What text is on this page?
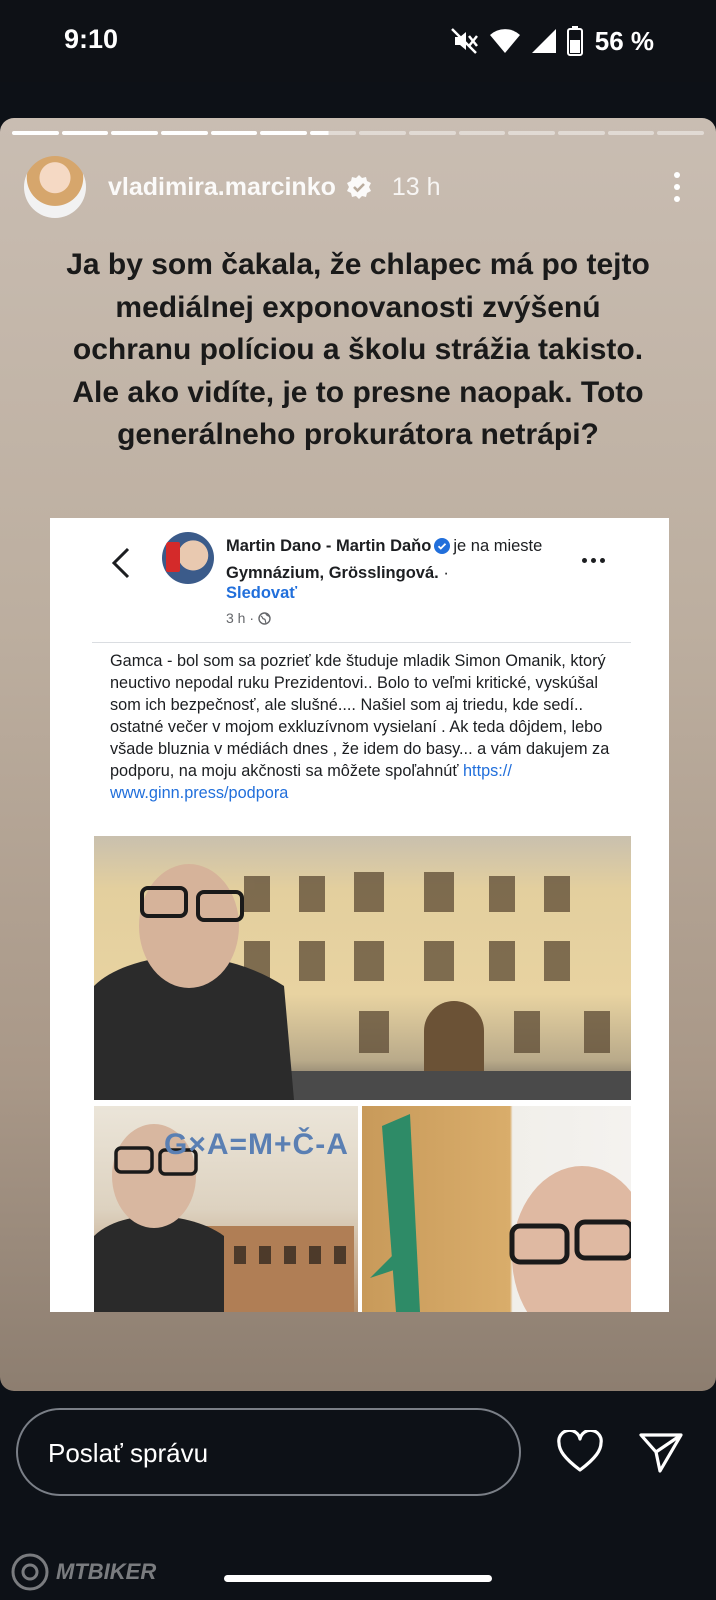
9:10	56 %
vladimira.marcinko 13 h
Ja by som čakala, že chlapec má po tejto mediálnej exponovanosti zvýšenú ochranu políciou a školu strážia takisto. Ale ako vidíte, je to presne naopak. Toto generálneho prokurátora netrápi?
Martin Dano - Martin Daňo je na mieste Gymnázium, Grösslingová. ·
Sledovať
3 h ·
Gamca - bol som sa pozrieť kde študuje mladik Simon Omanik, ktorý neuctivo nepodal ruku Prezidentovi.. Bolo to veľmi kritické, vyskúšal som ich bezpečnosť, ale slušné.... Našiel som aj triedu, kde sedí.. ostatné večer v mojom exkluzívnom vysielaní . Ak teda dôjdem, lebo všade bluznia v médiách dnes , že idem do basy... a vám dakujem za podporu, na moju akčnosti sa môžete spoľahnúť https:// www.ginn.press/podpora
G×A=M+Č-A
Poslať správu
MTBIKER
